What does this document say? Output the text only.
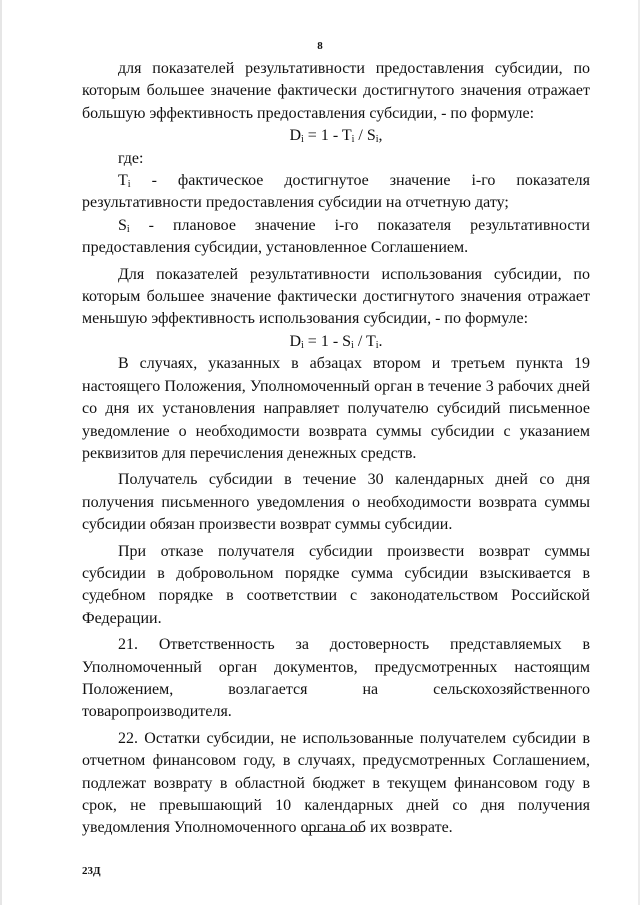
8

для показателей результативности предоставления субсидии, по которым большее значение фактически достигнутого значения отражает большую эффективность предоставления субсидии, - по формуле:

$D_i = 1 - T_i / S_i$,

где:

$T_i$ - фактическое достигнутое значение i-го показателя результативности предоставления субсидии на отчетную дату;

$S_i$ - плановое значение i-го показателя результативности предоставления субсидии, установленное Соглашением.

Для показателей результативности использования субсидии, по которым большее значение фактически достигнутого значения отражает меньшую эффективность использования субсидии, - по формуле:

$D_i = 1 - S_i / T_i$.

В случаях, указанных в абзацах втором и третьем пункта 19 настоящего Положения, Уполномоченный орган в течение 3 рабочих дней со дня их установления направляет получателю субсидий письменное уведомление о необходимости возврата суммы субсидии с указанием реквизитов для перечисления денежных средств.

Получатель субсидии в течение 30 календарных дней со дня получения письменного уведомления о необходимости возврата суммы субсидии обязан произвести возврат суммы субсидии.

При отказе получателя субсидии произвести возврат суммы субсидии в добровольном порядке сумма субсидии взыскивается в судебном порядке в соответствии с законодательством Российской Федерации.

21. Ответственность за достоверность представляемых в Уполномоченный орган документов, предусмотренных настоящим Положением, возлагается на сельскохозяйственного товаропроизводителя.

22. Остатки субсидии, не использованные получателем субсидии в отчетном финансовом году, в случаях, предусмотренных Соглашением, подлежат возврату в областной бюджет в текущем финансовом году в срок, не превышающий 10 календарных дней со дня получения уведомления Уполномоченного органа об их возврате.

23Д
